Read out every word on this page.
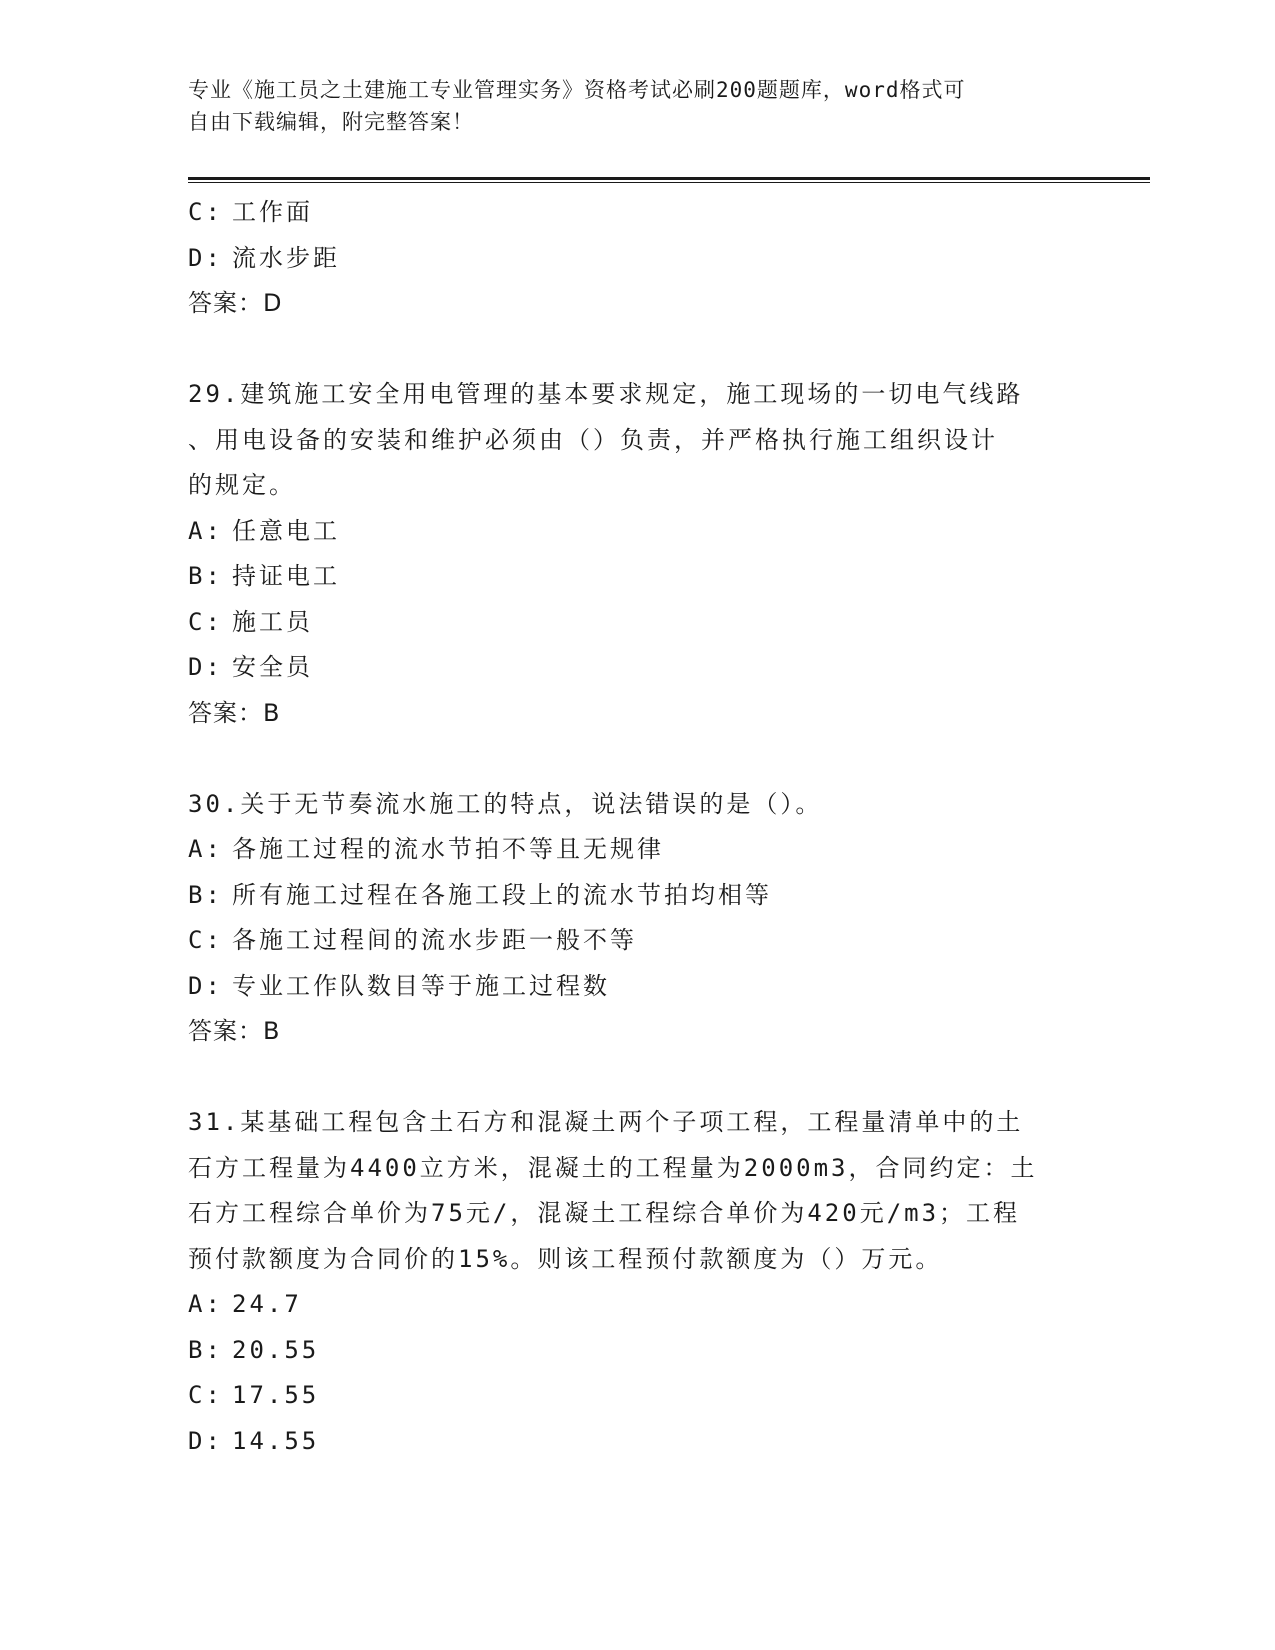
专业《施工员之土建施工专业管理实务》资格考试必刷200题题库，word格式可
自由下载编辑，附完整答案！
C: 工作面
D: 流水步距
答案：D
29.建筑施工安全用电管理的基本要求规定，施工现场的一切电气线路
、用电设备的安装和维护必须由（）负责，并严格执行施工组织设计
的规定。
A: 任意电工
B: 持证电工
C: 施工员
D: 安全员
答案：B
30.关于无节奏流水施工的特点，说法错误的是（）。
A: 各施工过程的流水节拍不等且无规律
B: 所有施工过程在各施工段上的流水节拍均相等
C: 各施工过程间的流水步距一般不等
D: 专业工作队数目等于施工过程数
答案：B
31.某基础工程包含土石方和混凝土两个子项工程，工程量清单中的土
石方工程量为4400立方米，混凝土的工程量为2000m3，合同约定：土
石方工程综合单价为75元/，混凝土工程综合单价为420元/m3；工程
预付款额度为合同价的15%。则该工程预付款额度为（）万元。
A: 24.7
B: 20.55
C: 17.55
D: 14.55
